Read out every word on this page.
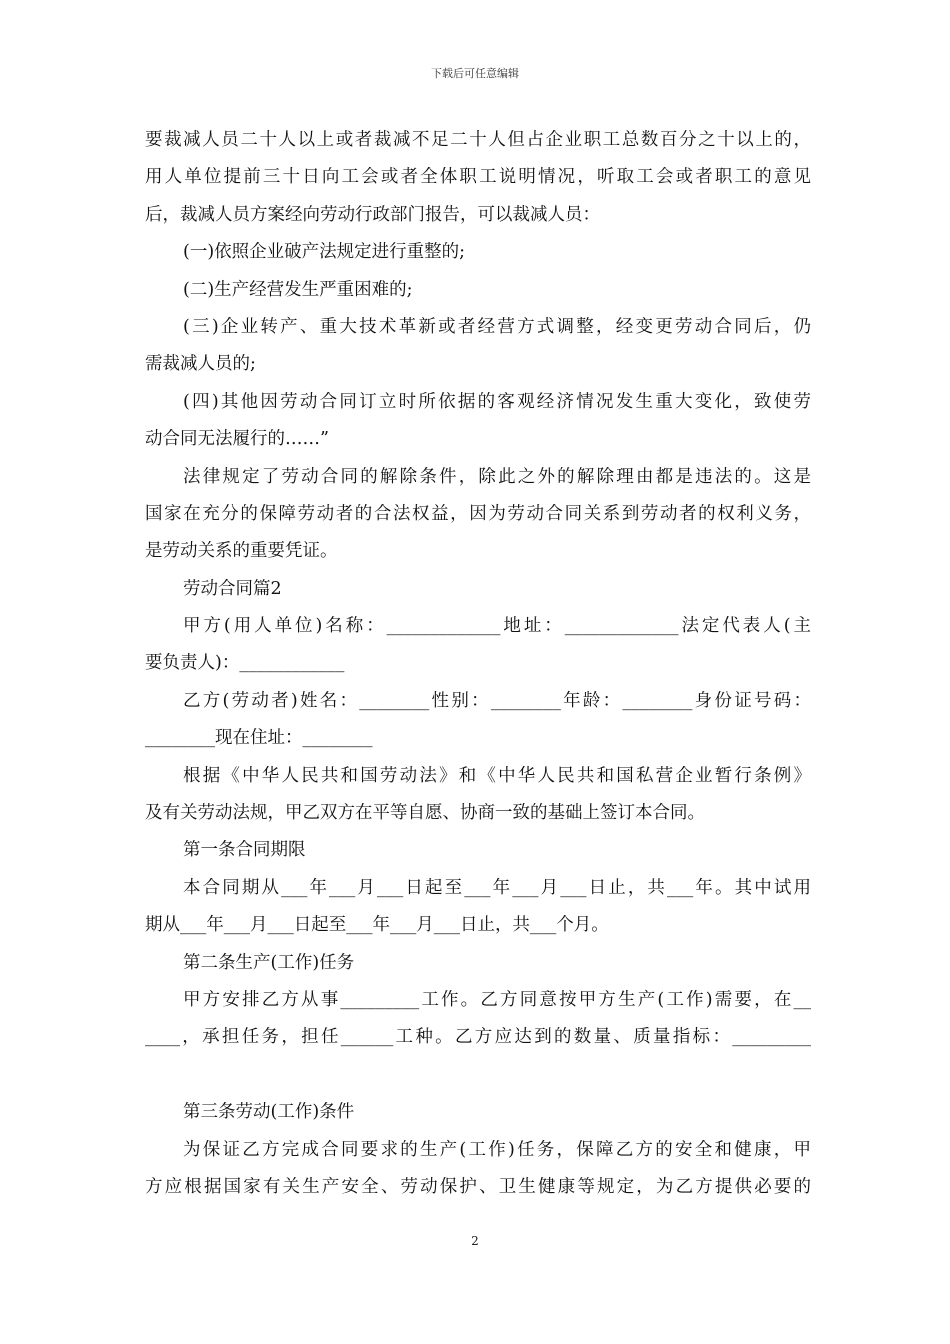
下载后可任意编辑
要裁减人员二十人以上或者裁减不足二十人但占企业职工总数百分之十以上的，
用人单位提前三十日向工会或者全体职工说明情况，听取工会或者职工的意见
后，裁减人员方案经向劳动行政部门报告，可以裁减人员：
(一)依照企业破产法规定进行重整的;
(二)生产经营发生严重困难的;
(三)企业转产、重大技术革新或者经营方式调整，经变更劳动合同后，仍
需裁减人员的;
(四)其他因劳动合同订立时所依据的客观经济情况发生重大变化，致使劳
动合同无法履行的……”
法律规定了劳动合同的解除条件，除此之外的解除理由都是违法的。这是
国家在充分的保障劳动者的合法权益，因为劳动合同关系到劳动者的权利义务，
是劳动关系的重要凭证。
劳动合同篇2
甲方(用人单位)名称：_____________地址：_____________法定代表人(主
要负责人)：____________
乙方(劳动者)姓名：________性别：________年龄：________身份证号码：
________现在住址：________
根据《中华人民共和国劳动法》和《中华人民共和国私营企业暂行条例》
及有关劳动法规，甲乙双方在平等自愿、协商一致的基础上签订本合同。
第一条合同期限
本合同期从___年___月___日起至___年___月___日止，共___年。其中试用
期从___年___月___日起至___年___月___日止，共___个月。
第二条生产(工作)任务
甲方安排乙方从事_________工作。乙方同意按甲方生产(工作)需要，在__
____，承担任务，担任______工种。乙方应达到的数量、质量指标：_________
第三条劳动(工作)条件
为保证乙方完成合同要求的生产(工作)任务，保障乙方的安全和健康，甲
方应根据国家有关生产安全、劳动保护、卫生健康等规定，为乙方提供必要的
2
